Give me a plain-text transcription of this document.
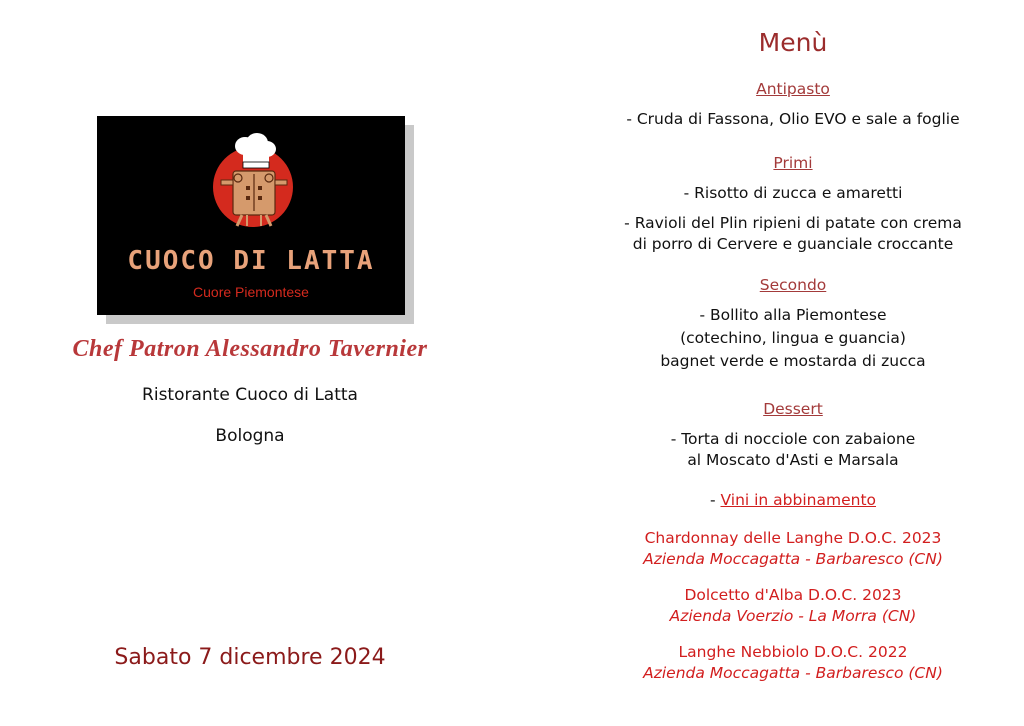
CUOCO DI LATTA
Cuore Piemontese
Chef Patron Alessandro Tavernier
Ristorante Cuoco di Latta
Bologna
Sabato 7 dicembre 2024
Menù
Antipasto
- Cruda di Fassona, Olio EVO e sale a foglie
Primi
- Risotto di zucca e amaretti
- Ravioli del Plin ripieni di patate con crema
di porro di Cervere e guanciale croccante
Secondo
- Bollito alla Piemontese
(cotechino, lingua e guancia)
bagnet verde e mostarda di zucca
Dessert
- Torta di nocciole con zabaione
al Moscato d'Asti e Marsala
- Vini in abbinamento
Chardonnay delle Langhe D.O.C. 2023
Azienda Moccagatta - Barbaresco (CN)
Dolcetto d'Alba D.O.C. 2023
Azienda Voerzio - La Morra (CN)
Langhe Nebbiolo D.O.C. 2022
Azienda Moccagatta - Barbaresco (CN)
